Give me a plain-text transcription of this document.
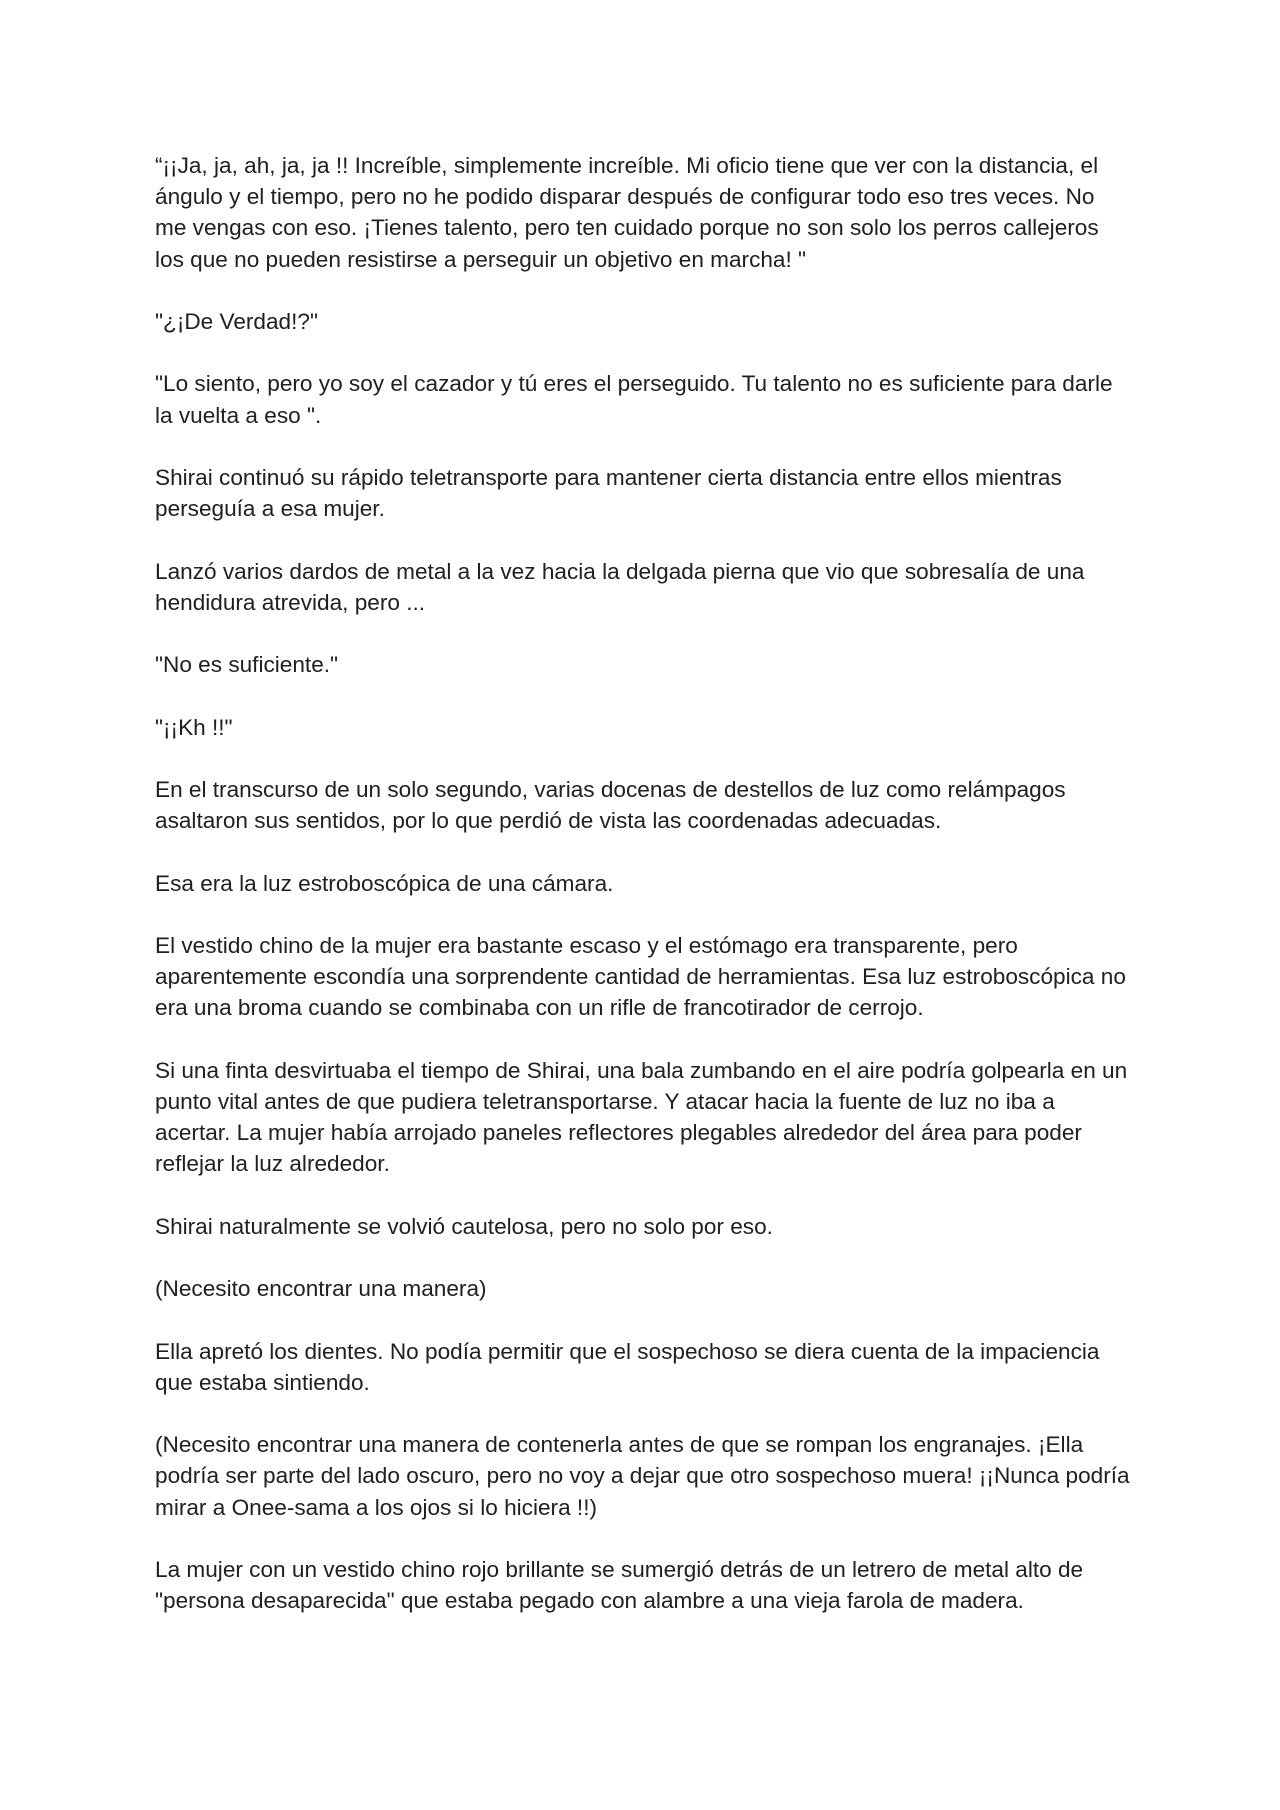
“¡¡Ja, ja, ah, ja, ja !! Increíble, simplemente increíble. Mi oficio tiene que ver con la distancia, el ángulo y el tiempo, pero no he podido disparar después de configurar todo eso tres veces. No me vengas con eso. ¡Tienes talento, pero ten cuidado porque no son solo los perros callejeros los que no pueden resistirse a perseguir un objetivo en marcha! "

"¿¡De Verdad!?"

"Lo siento, pero yo soy el cazador y tú eres el perseguido. Tu talento no es suficiente para darle la vuelta a eso ".

Shirai continuó su rápido teletransporte para mantener cierta distancia entre ellos mientras perseguía a esa mujer.

Lanzó varios dardos de metal a la vez hacia la delgada pierna que vio que sobresalía de una hendidura atrevida, pero ...

"No es suficiente."

"¡¡Kh !!"

En el transcurso de un solo segundo, varias docenas de destellos de luz como relámpagos asaltaron sus sentidos, por lo que perdió de vista las coordenadas adecuadas.

Esa era la luz estroboscópica de una cámara.

El vestido chino de la mujer era bastante escaso y el estómago era transparente, pero aparentemente escondía una sorprendente cantidad de herramientas. Esa luz estroboscópica no era una broma cuando se combinaba con un rifle de francotirador de cerrojo.

Si una finta desvirtuaba el tiempo de Shirai, una bala zumbando en el aire podría golpearla en un punto vital antes de que pudiera teletransportarse. Y atacar hacia la fuente de luz no iba a acertar. La mujer había arrojado paneles reflectores plegables alrededor del área para poder reflejar la luz alrededor.

Shirai naturalmente se volvió cautelosa, pero no solo por eso.

(Necesito encontrar una manera)

Ella apretó los dientes. No podía permitir que el sospechoso se diera cuenta de la impaciencia que estaba sintiendo.

(Necesito encontrar una manera de contenerla antes de que se rompan los engranajes. ¡Ella podría ser parte del lado oscuro, pero no voy a dejar que otro sospechoso muera! ¡¡Nunca podría mirar a Onee-sama a los ojos si lo hiciera !!)

La mujer con un vestido chino rojo brillante se sumergió detrás de un letrero de metal alto de "persona desaparecida" que estaba pegado con alambre a una vieja farola de madera.
